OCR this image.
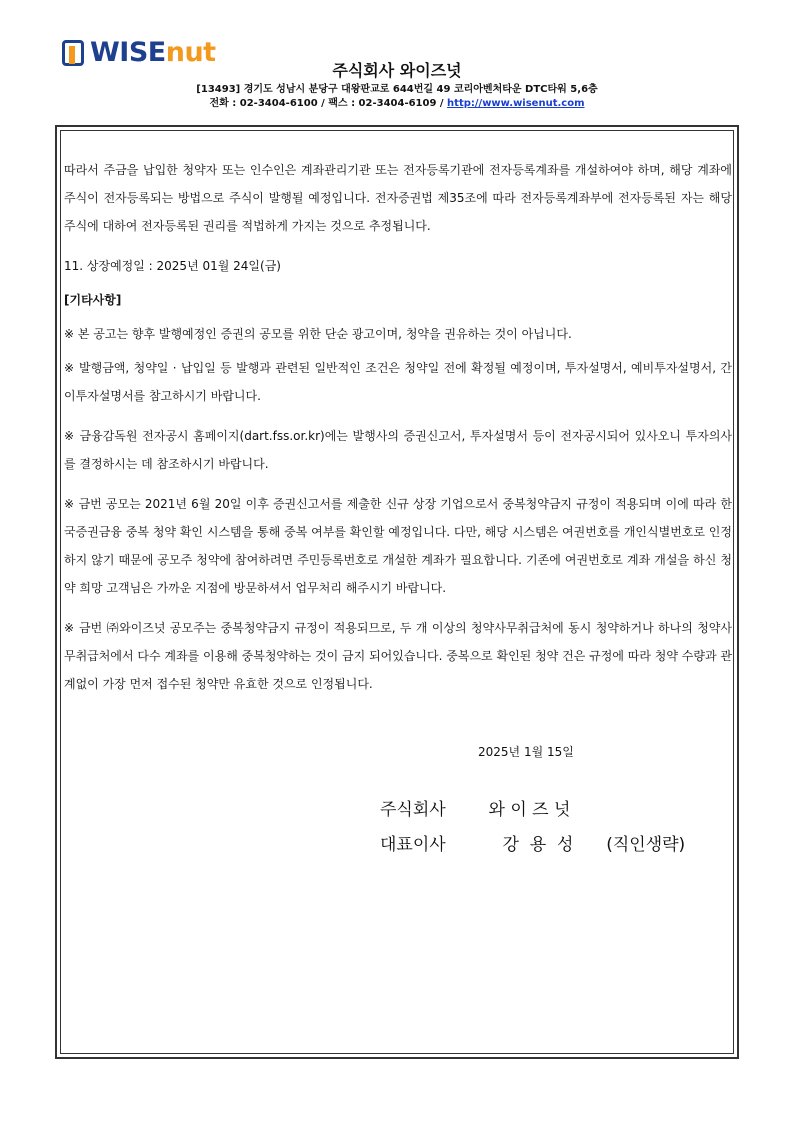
WISEnut
주식회사 와이즈넛
[13493] 경기도 성남시 분당구 대왕판교로 644번길 49 코리아벤처타운 DTC타워 5,6층
전화 : 02-3404-6100 / 팩스 : 02-3404-6109 / http://www.wisenut.com

따라서 주금을 납입한 청약자 또는 인수인은 계좌관리기관 또는 전자등록기관에 전자등록계좌를 개설하여야 하며, 해당 계좌에 주식이 전자등록되는 방법으로 주식이 발행될 예정입니다. 전자증권법 제35조에 따라 전자등록계좌부에 전자등록된 자는 해당 주식에 대하여 전자등록된 권리를 적법하게 가지는 것으로 추정됩니다.

11. 상장예정일 : 2025년 01월 24일(금)

[기타사항]

※ 본 공고는 향후 발행예정인 증권의 공모를 위한 단순 광고이며, 청약을 권유하는 것이 아닙니다.

※ 발행금액, 청약일 · 납입일 등 발행과 관련된 일반적인 조건은 청약일 전에 확정될 예정이며, 투자설명서, 예비투자설명서, 간이투자설명서를 참고하시기 바랍니다.

※ 금융감독원 전자공시 홈페이지(dart.fss.or.kr)에는 발행사의 증권신고서, 투자설명서 등이 전자공시되어 있사오니 투자의사를 결정하시는 데 참조하시기 바랍니다.

※ 금번 공모는 2021년 6월 20일 이후 증권신고서를 제출한 신규 상장 기업으로서 중복청약금지 규정이 적용되며 이에 따라 한국증권금융 중복 청약 확인 시스템을 통해 중복 여부를 확인할 예정입니다. 다만, 해당 시스템은 여권번호를 개인식별번호로 인정하지 않기 때문에 공모주 청약에 참여하려면 주민등록번호로 개설한 계좌가 필요합니다. 기존에 여권번호로 계좌 개설을 하신 청약 희망 고객님은 가까운 지점에 방문하셔서 업무처리 해주시기 바랍니다.

※ 금번 ㈜와이즈넛 공모주는 중복청약금지 규정이 적용되므로, 두 개 이상의 청약사무취급처에 동시 청약하거나 하나의 청약사무취급처에서 다수 계좌를 이용해 중복청약하는 것이 금지 되어있습니다. 중복으로 확인된 청약 건은 규정에 따라 청약 수량과 관계없이 가장 먼저 접수된 청약만 유효한 것으로 인정됩니다.

2025년 1월 15일
주식회사	와 이 즈 넛
대표이사	강  용  성 (직인생략)
